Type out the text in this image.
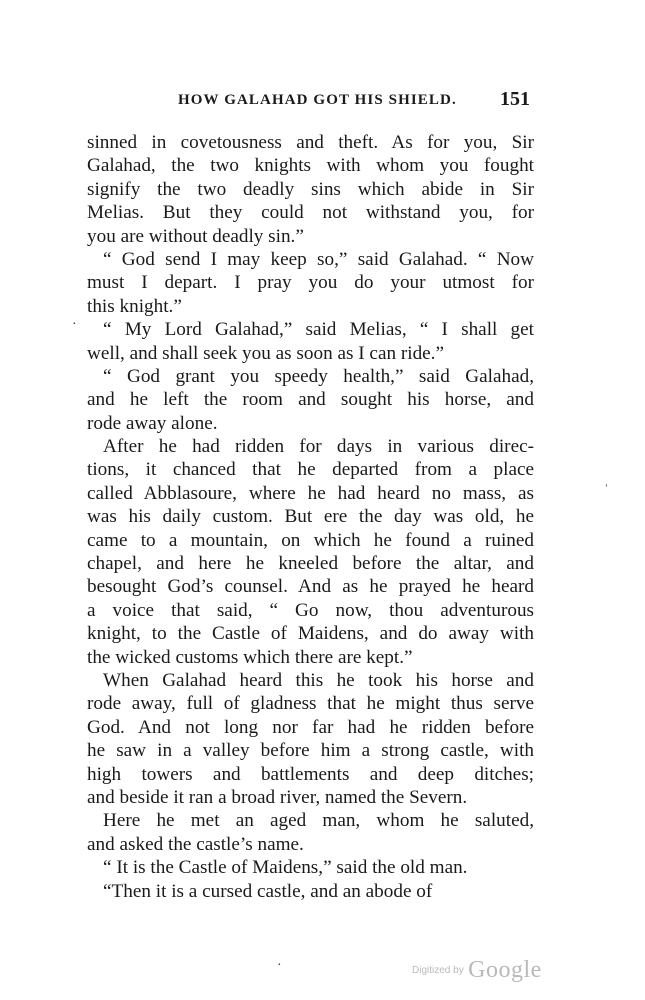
HOW GALAHAD GOT HIS SHIELD. 151
sinned in covetousness and theft. As for you, Sir
Galahad, the two knights with whom you fought
signify the two deadly sins which abide in Sir
Melias. But they could not withstand you, for
you are without deadly sin.”
“ God send I may keep so,” said Galahad. “ Now
must I depart. I pray you do your utmost for
this knight.”
“ My Lord Galahad,” said Melias, “ I shall get
well, and shall seek you as soon as I can ride.”
“ God grant you speedy health,” said Galahad,
and he left the room and sought his horse, and
rode away alone.
After he had ridden for days in various direc-
tions, it chanced that he departed from a place
called Abblasoure, where he had heard no mass, as
was his daily custom. But ere the day was old, he
came to a mountain, on which he found a ruined
chapel, and here he kneeled before the altar, and
besought God’s counsel. And as he prayed he heard
a voice that said, “ Go now, thou adventurous
knight, to the Castle of Maidens, and do away with
the wicked customs which there are kept.”
When Galahad heard this he took his horse and
rode away, full of gladness that he might thus serve
God. And not long nor far had he ridden before
he saw in a valley before him a strong castle, with
high towers and battlements and deep ditches;
and beside it ran a broad river, named the Severn.
Here he met an aged man, whom he saluted,
and asked the castle’s name.
“ It is the Castle of Maidens,” said the old man.
“Then it is a cursed castle, and an abode of
·
ˈ
·	Digitized by Google
